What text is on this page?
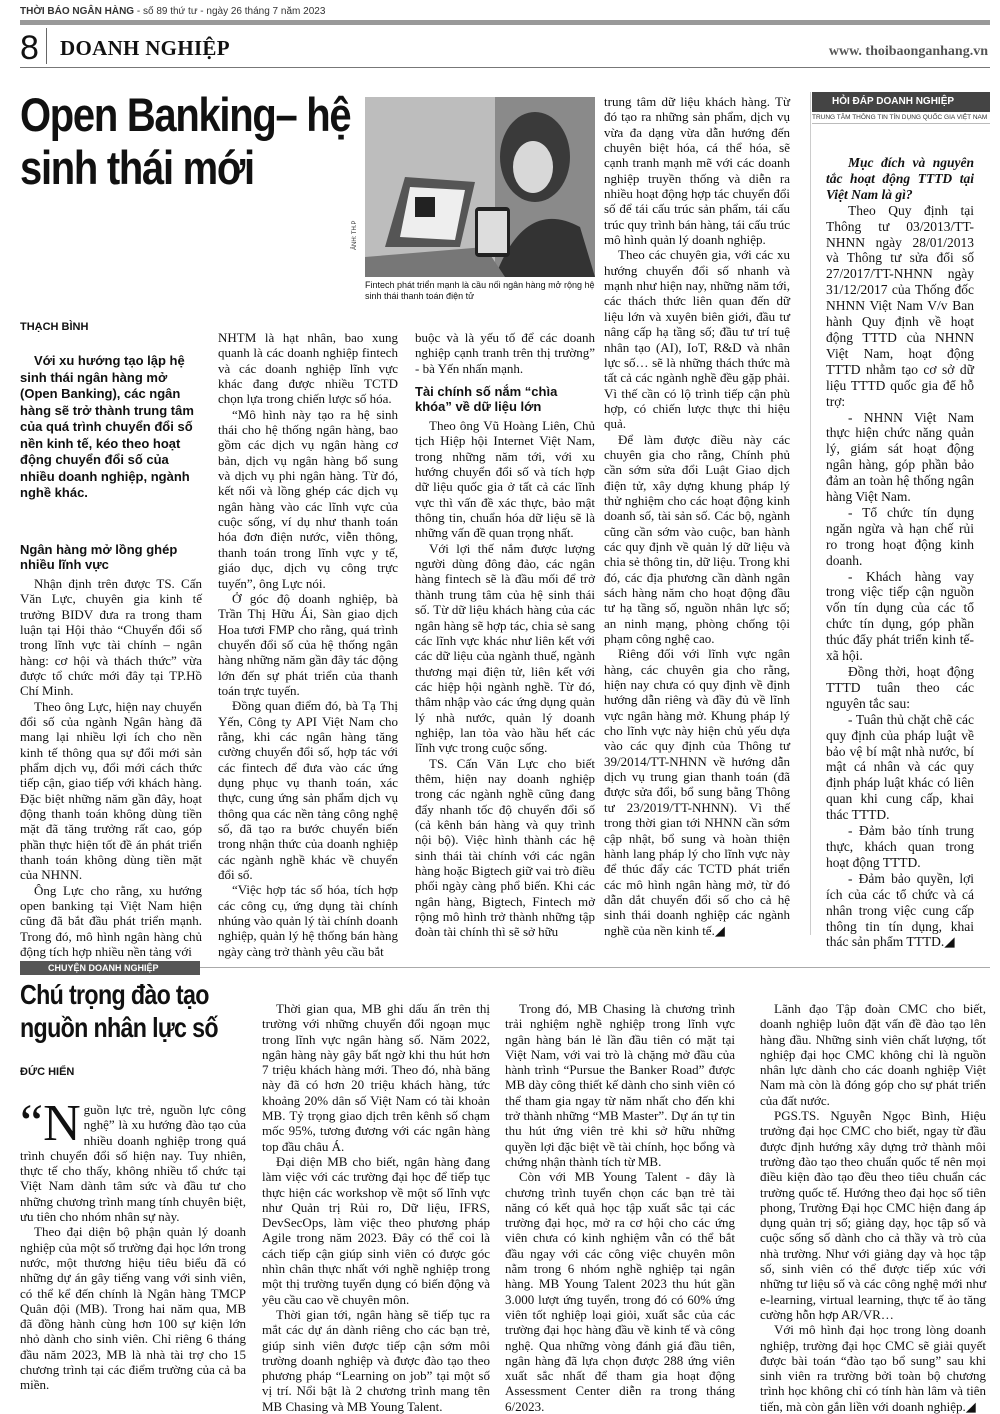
THỜI BÁO NGÂN HÀNG - số 89 thứ tư - ngày 26 tháng 7 năm 2023
8 DOANH NGHIỆP	www. thoibaonganhang.vn
Open Banking– hệ sinh thái mới
ẢNH: TH.P
Fintech phát triển mạnh là cầu nối ngân hàng mở rộng hệ sinh thái thanh toán điện tử
THẠCH BÌNH

Với xu hướng tạo lập hệ sinh thái ngân hàng mở (Open Banking), các ngân hàng sẽ trở thành trung tâm của quá trình chuyển đổi số nền kinh tế, kéo theo hoạt động chuyển đổi số của nhiều doanh nghiệp, ngành nghề khác.

Ngân hàng mở lồng ghép nhiều lĩnh vực

Nhận định trên được TS. Cấn Văn Lực, chuyên gia kinh tế trưởng BIDV đưa ra trong tham luận tại Hội thảo “Chuyển đổi số trong lĩnh vực tài chính – ngân hàng: cơ hội và thách thức” vừa được tổ chức mới đây tại TP.Hồ Chí Minh.

Theo ông Lực, hiện nay chuyển đổi số của ngành Ngân hàng đã mang lại nhiều lợi ích cho nền kinh tế thông qua sự đổi mới sản phẩm dịch vụ, đổi mới cách thức tiếp cận, giao tiếp với khách hàng. Đặc biệt những năm gần đây, hoạt động thanh toán không dùng tiền mặt đã tăng trưởng rất cao, góp phần thực hiện tốt đề án phát triển thanh toán không dùng tiền mặt của NHNN.

Ông Lực cho rằng, xu hướng open banking tại Việt Nam hiện cũng đã bắt đầu phát triển mạnh. Trong đó, mô hình ngân hàng chủ động tích hợp nhiều nền tảng với

NHTM là hạt nhân, bao xung quanh là các doanh nghiệp fintech và các doanh nghiệp lĩnh vực khác đang được nhiều TCTD chọn lựa trong chiến lược số hóa.

“Mô hình này tạo ra hệ sinh thái cho hệ thống ngân hàng, bao gồm các dịch vụ ngân hàng cơ bản, dịch vụ ngân hàng bổ sung và dịch vụ phi ngân hàng. Từ đó, kết nối và lồng ghép các dịch vụ ngân hàng vào các lĩnh vực của cuộc sống, ví dụ như thanh toán hóa đơn điện nước, viễn thông, thanh toán trong lĩnh vực y tế, giáo dục, dịch vụ công trực tuyến”, ông Lực nói.

Ở góc độ doanh nghiệp, bà Trần Thị Hữu Ái, Sàn giao dịch Hoa tươi FMP cho rằng, quá trình chuyển đổi số của hệ thống ngân hàng những năm gần đây tác động lớn đến sự phát triển của thanh toán trực tuyến.

Đồng quan điểm đó, bà Tạ Thị Yến, Công ty API Việt Nam cho rằng, khi các ngân hàng tăng cường chuyển đổi số, hợp tác với các fintech để đưa vào các ứng dụng phục vụ thanh toán, xác thực, cung ứng sản phẩm dịch vụ thông qua các nền tảng công nghệ số, đã tạo ra bước chuyển biến trong nhận thức của doanh nghiệp các ngành nghề khác về chuyển đổi số.

“Việc hợp tác số hóa, tích hợp các công cụ, ứng dụng tài chính nhúng vào quản lý tài chính doanh nghiệp, quản lý hệ thống bán hàng ngày càng trở thành yêu cầu bắt

buộc và là yếu tố để các doanh nghiệp cạnh tranh trên thị trường” - bà Yến nhấn mạnh.

Tài chính số nắm “chìa khóa” về dữ liệu lớn

Theo ông Vũ Hoàng Liên, Chủ tịch Hiệp hội Internet Việt Nam, trong những năm tới, với xu hướng chuyển đổi số và tích hợp dữ liệu quốc gia ở tất cả các lĩnh vực thì vấn đề xác thực, bảo mật thông tin, chuẩn hóa dữ liệu sẽ là những vấn đề quan trọng nhất.

Với lợi thế nắm được lượng người dùng đông đảo, các ngân hàng fintech sẽ là đầu mối để trở thành trung tâm của hệ sinh thái số. Từ dữ liệu khách hàng của các ngân hàng sẽ hợp tác, chia sẻ sang các lĩnh vực khác như liên kết với các dữ liệu của ngành thuế, ngành thương mại điện tử, liên kết với các hiệp hội ngành nghề. Từ đó, thâm nhập vào các ứng dụng quản lý nhà nước, quản lý doanh nghiệp, lan tỏa vào hầu hết các lĩnh vực trong cuộc sống.

TS. Cấn Văn Lực cho biết thêm, hiện nay doanh nghiệp trong các ngành nghề cũng đang đẩy nhanh tốc độ chuyển đổi số (cả kênh bán hàng và quy trình nội bộ). Việc hình thành các hệ sinh thái tài chính với các ngân hàng hoặc Bigtech giữ vai trò điều phối ngày càng phổ biến. Khi các ngân hàng, Bigtech, Fintech mở rộng mô hình trở thành những tập đoàn tài chính thì sẽ sở hữu

trung tâm dữ liệu khách hàng. Từ đó tạo ra những sản phẩm, dịch vụ vừa đa dạng vừa dẫn hướng đến chuyên biệt hóa, cá thể hóa, sẽ cạnh tranh mạnh mẽ với các doanh nghiệp truyền thống và diễn ra nhiều hoạt động hợp tác chuyển đổi số để tái cấu trúc sản phẩm, tái cấu trúc quy trình bán hàng, tái cấu trúc mô hình quản lý doanh nghiệp.

Theo các chuyên gia, với các xu hướng chuyển đổi số nhanh và mạnh như hiện nay, những năm tới, các thách thức liên quan đến dữ liệu lớn và xuyên biên giới, đầu tư nâng cấp hạ tầng số; đầu tư trí tuệ nhân tạo (AI), IoT, R&D và nhân lực số… sẽ là những thách thức mà tất cả các ngành nghề đều gặp phải. Vì thế cần có lộ trình tiếp cận phù hợp, có chiến lược thực thi hiệu quả.

Để làm được điều này các chuyên gia cho rằng, Chính phủ cần sớm sửa đổi Luật Giao dịch điện tử, xây dựng khung pháp lý thử nghiệm cho các hoạt động kinh doanh số, tài sản số. Các bộ, ngành cũng cần sớm vào cuộc, ban hành các quy định về quản lý dữ liệu và chia sẻ thông tin, dữ liệu. Trong khi đó, các địa phương cần dành ngân sách hàng năm cho hoạt động đầu tư hạ tầng số, nguồn nhân lực số; an ninh mạng, phòng chống tội phạm công nghệ cao.

Riêng đối với lĩnh vực ngân hàng, các chuyên gia cho rằng, hiện nay chưa có quy định về định hướng dẫn riêng và đầy đủ về lĩnh vực ngân hàng mở. Khung pháp lý cho lĩnh vực này hiện chủ yếu dựa vào các quy định của Thông tư 39/2014/TT-NHNN về hướng dẫn dịch vụ trung gian thanh toán (đã được sửa đổi, bổ sung bằng Thông tư 23/2019/TT-NHNN). Vì thế trong thời gian tới NHNN cần sớm cập nhật, bổ sung và hoàn thiện hành lang pháp lý cho lĩnh vực này để thúc đẩy các TCTD phát triển các mô hình ngân hàng mở, từ đó dẫn dắt chuyển đổi số cho cả hệ sinh thái doanh nghiệp các ngành nghề của nền kinh tế.◢

HỎI ĐÁP DOANH NGHIỆP
TRUNG TÂM THÔNG TIN TÍN DỤNG QUỐC GIA VIỆT NAM

Mục đích và nguyên tắc hoạt động TTTD tại Việt Nam là gì?

Theo Quy định tại Thông tư 03/2013/TT-NHNN ngày 28/01/2013 và Thông tư sửa đổi số 27/2017/TT-NHNN ngày 31/12/2017 của Thống đốc NHNN Việt Nam V/v Ban hành Quy định về hoạt động TTTD của NHNN Việt Nam, hoạt động TTTD nhằm tạo cơ sở dữ liệu TTTD quốc gia để hỗ trợ:

- NHNN Việt Nam thực hiện chức năng quản lý, giám sát hoạt động ngân hàng, góp phần bảo đảm an toàn hệ thống ngân hàng Việt Nam.

- Tổ chức tín dụng ngăn ngừa và hạn chế rủi ro trong hoạt động kinh doanh.

- Khách hàng vay trong việc tiếp cận nguồn vốn tín dụng của các tổ chức tín dụng, góp phần thúc đẩy phát triển kinh tế-xã hội.

Đồng thời, hoạt động TTTD tuân theo các nguyên tắc sau:

- Tuân thủ chặt chẽ các quy định của pháp luật về bảo vệ bí mật nhà nước, bí mật cá nhân và các quy định pháp luật khác có liên quan khi cung cấp, khai thác TTTD.

- Đảm bảo tính trung thực, khách quan trong hoạt động TTTD.

- Đảm bảo quyền, lợi ích của các tổ chức và cá nhân trong việc cung cấp thông tin tín dụng, khai thác sản phẩm TTTD.◢

CHUYỆN DOANH NGHIỆP
Chú trọng đào tạo nguồn nhân lực số
ĐỨC HIỂN

“Nguồn lực trẻ, nguồn lực công nghệ” là xu hướng đào tạo của nhiều doanh nghiệp trong quá trình chuyển đổi số hiện nay. Tuy nhiên, thực tế cho thấy, không nhiều tổ chức tại Việt Nam dành tâm sức và đầu tư cho những chương trình mang tính chuyên biệt, ưu tiên cho nhóm nhân sự này.

Theo đại diện bộ phận quản lý doanh nghiệp của một số trường đại học lớn trong nước, một thương hiệu tiêu biểu đã có những dự án gây tiếng vang với sinh viên, có thể kể đến chính là Ngân hàng TMCP Quân đội (MB). Trong hai năm qua, MB đã đồng hành cùng hơn 100 sự kiện lớn nhỏ dành cho sinh viên. Chỉ riêng 6 tháng đầu năm 2023, MB là nhà tài trợ cho 15 chương trình tại các điểm trường của cả ba miền.

Thời gian qua, MB ghi dấu ấn trên thị trường với những chuyển đổi ngoạn mục trong lĩnh vực ngân hàng số. Năm 2022, ngân hàng này gây bất ngờ khi thu hút hơn 7 triệu khách hàng mới. Theo đó, nhà băng này đã có hơn 20 triệu khách hàng, tức khoảng 20% dân số Việt Nam có tài khoản MB. Tỷ trọng giao dịch trên kênh số chạm mốc 95%, tương đương với các ngân hàng top đầu châu Á.

Đại diện MB cho biết, ngân hàng đang làm việc với các trường đại học để tiếp tục thực hiện các workshop về một số lĩnh vực như Quản trị Rủi ro, Dữ liệu, IFRS, DevSecOps, làm việc theo phương pháp Agile trong năm 2023. Đây có thể coi là cách tiếp cận giúp sinh viên có được góc nhìn chân thực nhất với nghề nghiệp trong một thị trường tuyển dụng có biến động và yêu cầu cao về chuyên môn.

Thời gian tới, ngân hàng sẽ tiếp tục ra mắt các dự án dành riêng cho các bạn trẻ, giúp sinh viên được tiếp cận sớm môi trường doanh nghiệp và được đào tạo theo phương pháp “Learning on job” tại một số vị trí. Nổi bật là 2 chương trình mang tên MB Chasing và MB Young Talent.

Trong đó, MB Chasing là chương trình trải nghiệm nghề nghiệp trong lĩnh vực ngân hàng bán lẻ lần đầu tiên có mặt tại Việt Nam, với vai trò là chặng mở đầu của hành trình “Pursue the Banker Road” được MB dày công thiết kế dành cho sinh viên có thể tham gia ngay từ năm nhất cho đến khi trở thành những “MB Master”. Dự án tự tin thu hút ứng viên trẻ khi sở hữu những quyền lợi đặc biệt về tài chính, học bổng và chứng nhận thành tích từ MB.

Còn với MB Young Talent - đây là chương trình tuyển chọn các bạn trẻ tài năng có kết quả học tập xuất sắc tại các trường đại học, mở ra cơ hội cho các ứng viên chưa có kinh nghiệm vẫn có thể bắt đầu ngay với các công việc chuyên môn nằm trong 6 nhóm nghề nghiệp tại ngân hàng. MB Young Talent 2023 thu hút gần 3.000 lượt ứng tuyển, trong đó có 60% ứng viên tốt nghiệp loại giỏi, xuất sắc của các trường đại học hàng đầu về kinh tế và công nghệ. Qua những vòng đánh giá đầu tiên, ngân hàng đã lựa chọn được 288 ứng viên xuất sắc nhất để tham gia hoạt động Assessment Center diễn ra trong tháng 6/2023.

Lãnh đạo Tập đoàn CMC cho biết, doanh nghiệp luôn đặt vấn đề đào tạo lên hàng đầu. Những sinh viên chất lượng, tốt nghiệp đại học CMC không chỉ là nguồn nhân lực dành cho các doanh nghiệp Việt Nam mà còn là đóng góp cho sự phát triển của đất nước.

PGS.TS. Nguyễn Ngọc Bình, Hiệu trưởng đại học CMC cho biết, ngay từ đầu được định hướng xây dựng trở thành môi trường đào tạo theo chuẩn quốc tế nên mọi điều kiện đào tạo đều theo tiêu chuẩn các trường quốc tế. Hướng theo đại học số tiên phong, Trường Đại học CMC hiện đang áp dụng quản trị số; giảng dạy, học tập số và cuộc sống số dành cho cả thầy và trò của nhà trường. Như với giảng dạy và học tập số, sinh viên có thể được tiếp xúc với những tư liệu số và các công nghệ mới như e-learning, virtual learning, thực tế ảo tăng cường hỗn hợp AR/VR…

Với mô hình đại học trong lòng doanh nghiệp, trường đại học CMC sẽ giải quyết được bài toán “đào tạo bổ sung” sau khi sinh viên ra trường bởi toàn bộ chương trình học không chỉ có tính hàn lâm và tiên tiến, mà còn gắn liền với doanh nghiệp.◢
